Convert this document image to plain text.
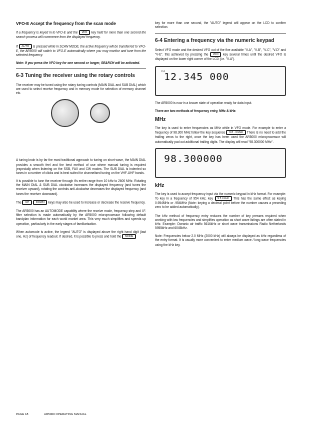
VFO-E Accept the frequency from the scan mode
If a frequency is keyed in to VFO-E and the VFO key held for more than one second the search process will commence from the displayed frequency.
If AUTO is pressed while in SCAN MODE, the active frequency will be transferred to VFO-E, the AR5000 will switch to VFO-E automatically where you may monitor and tune from the selected frequency.
Note: If you press the VFO key for one second or longer, SEARCH will be activated.
6-3 Tuning the receiver using the rotary controls
The receiver may be tuned using the rotary tuning controls (MAIN DIAL and SUB DIAL) which are used to select receive frequency and in memory mode for selection of memory channel etc.
A tuning knob is by far the most traditional approach to tuning on short wave, the MAIN DIAL provides a smooth feel and the best method of use where manual tuning is required (especially when listening on the SSB, FAX and CW modes. The SUB DIAL is indented so tunes in a number of clicks and is best suited for channelised tuning on the VHF-UHF bands.
It is possible to tune the receiver through it's entire range from 10 kHz to 2600 MHz. Rotating the MAIN DIAL & SUB DIAL clockwise increases the displayed frequency (and tunes the receiver upward), rotating the controls anti-clockwise decreases the displayed frequency (and tunes the receiver downward).
The UP	DOWN keys may also be used to increase or decrease the receive frequency.
The AR5000 has an AUTOMODE capability where the receive mode, frequency step and I.F. filter selection is made automatically by the AR5000 microprocessor following default bandplan information for each world market area. This very much simplifies and speeds up operation, particularly in the early stages of familiarisation.
When automode is active, the legend "AUTO" is displayed above the right hand digit (last one, Hz) of frequency readout. If desired, it is possible to press and hold the MODE
key for more than one second, the "AUTO" legend will appear on the LCD to confirm selection.
6-4 Entering a frequency via the numeric keypad
Select VFO mode and the desired VFO out of the five available "V-A", "V-B", "V-C", "V-D" and "V-E". this achieved by pressing the VFO key several times until the desired VFO is displayed on the lower right corner of the LCD (i.e. "V-A").
V-A
12.345 000
The AR5000 is now in a known state of operation ready for data input.
There are two methods of frequency entry, MHz & kHz:
MHz
The key is used to enter frequencies as MHz while in VFO mode. For example to enter a frequency of 98.300 MHz follow the key sequence 9 8 . 3 MHz There is no need to add the trailing zeros to the right, once the key has been used the AR5000 microprocessor will automatically pad out additional trailing digits. The display will read "98.300000 MHz".
98.300000
kHz
The key is used to accept frequency input via the numeric keypad in kHz format. For example: To key in a frequency of 954 kHz, key 9 5 4 kHz This has the same effect as keying 0.954MHz or .954MHz (Note: keying a decimal point before the number causes a preceding zero to be added automatically).
The kHz method of frequency entry reduces the number of key presses required when working with low frequencies and simplifies operation as short wave listings are often stated in kHz. Example: Oceanic air traffic 5616kHz or short wave transmissions Radio Netherlands 5955kHz and 6045kHz.
Note: Frequencies below 2.0 MHz (2000 kHz) will always be displayed as kHz regardless of the entry format. It is usually more convenient to enter medium wave / long wave frequencies using the kHz key.
PAGE 18	AR5000 OPERATING MANUAL
